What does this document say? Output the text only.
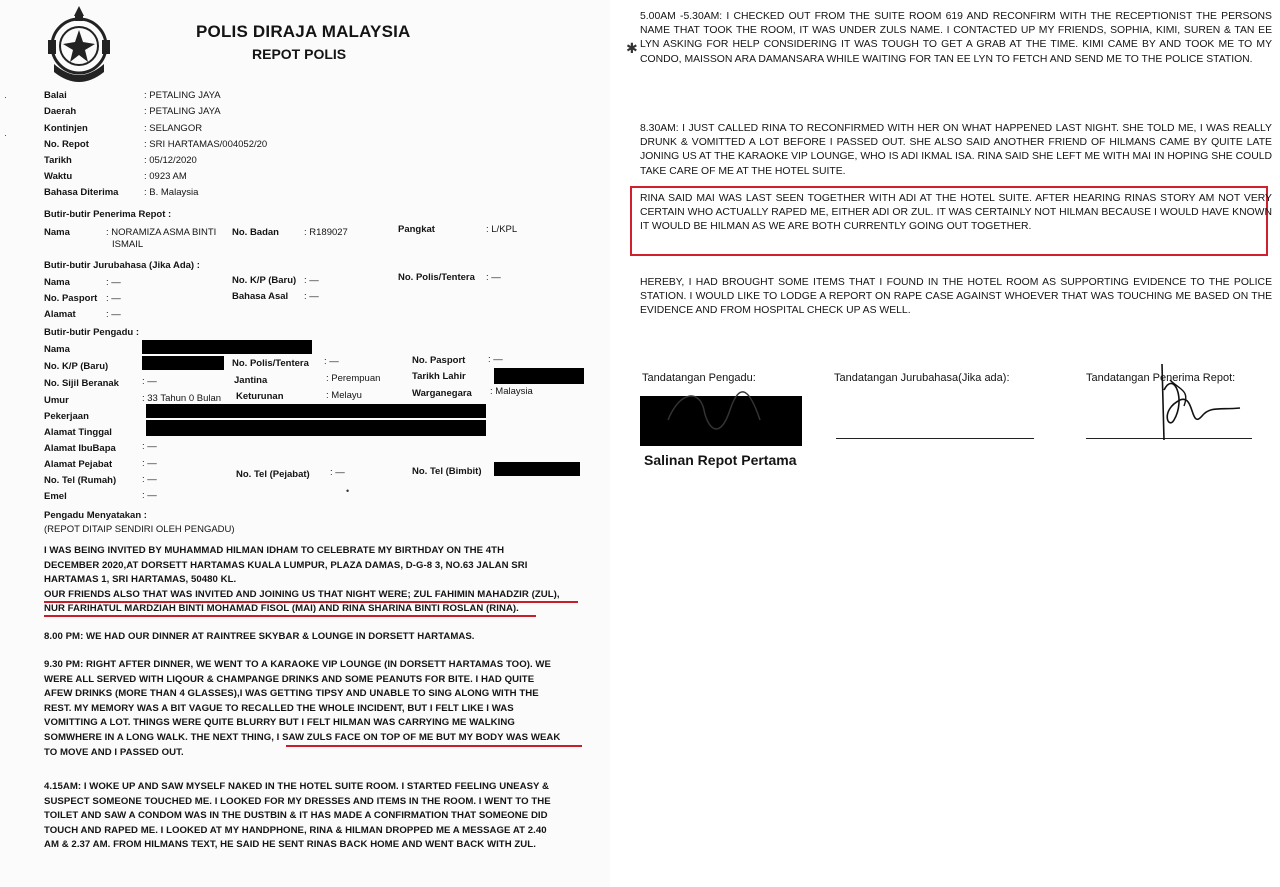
POLIS DIRAJA MALAYSIA
REPOT POLIS
·
·
Balai	: PETALING JAYA
Daerah	: PETALING JAYA
Kontinjen	: SELANGOR
No. Repot	: SRI HARTAMAS/004052/20
Tarikh	: 05/12/2020
Waktu	: 0923 AM
Bahasa Diterima	: B. Malaysia
Butir-butir Penerima Repot :
Nama	: NORAMIZA ASMA BINTI
ISMAIL
No. Badan	: R189027	Pangkat	: L/KPL
Butir-butir Jurubahasa (Jika Ada) :
Nama	: —	No. K/P (Baru) : —	No. Polis/Tentera : —
No. Pasport : —	Bahasa Asal : —
Alamat	: —
Butir-butir Pengadu :
Nama
No. K/P (Baru)	No. Polis/Tentera : —	No. Pasport : —
No. Sijil Beranak : —	Jantina	: Perempuan	Tarikh Lahir
Umur	: 33 Tahun 0 Bulan Keturunan	: Melayu	Warganegara : Malaysia
Pekerjaan
Alamat Tinggal
Alamat IbuBapa	: —
Alamat Pejabat	: —
No. Tel (Pejabat) : —	No. Tel (Bimbit)
No. Tel (Rumah)	: —
Emel	: —	•
Pengadu Menyatakan :
(REPOT DITAIP SENDIRI OLEH PENGADU)
I WAS BEING INVITED BY MUHAMMAD HILMAN IDHAM TO CELEBRATE MY BIRTHDAY ON THE 4TH
DECEMBER 2020,AT DORSETT HARTAMAS KUALA LUMPUR, PLAZA DAMAS, D-G-8 3, NO.63 JALAN SRI
HARTAMAS 1, SRI HARTAMAS, 50480 KL.
OUR FRIENDS ALSO THAT WAS INVITED AND JOINING US THAT NIGHT WERE; ZUL FAHIMIN MAHADZIR (ZUL),
NUR FARIHATUL MARDZIAH BINTI MOHAMAD FISOL (MAI) AND RINA SHARINA BINTI ROSLAN (RINA).
8.00 PM: WE HAD OUR DINNER AT RAINTREE SKYBAR & LOUNGE IN DORSETT HARTAMAS.
9.30 PM: RIGHT AFTER DINNER, WE WENT TO A KARAOKE VIP LOUNGE (IN DORSETT HARTAMAS TOO). WE
WERE ALL SERVED WITH LIQOUR & CHAMPANGE DRINKS AND SOME PEANUTS FOR BITE. I HAD QUITE
AFEW DRINKS (MORE THAN 4 GLASSES),I WAS GETTING TIPSY AND UNABLE TO SING ALONG WITH THE
REST. MY MEMORY WAS A BIT VAGUE TO RECALLED THE WHOLE INCIDENT, BUT I FELT LIKE I WAS
VOMITTING A LOT. THINGS WERE QUITE BLURRY BUT I FELT HILMAN WAS CARRYING ME WALKING
SOMWHERE IN A LONG WALK. THE NEXT THING, I SAW ZULS FACE ON TOP OF ME BUT MY BODY WAS WEAK
TO MOVE AND I PASSED OUT.
4.15AM: I WOKE UP AND SAW MYSELF NAKED IN THE HOTEL SUITE ROOM. I STARTED FEELING UNEASY &
SUSPECT SOMEONE TOUCHED ME. I LOOKED FOR MY DRESSES AND ITEMS IN THE ROOM. I WENT TO THE
TOILET AND SAW A CONDOM WAS IN THE DUSTBIN & IT HAS MADE A CONFIRMATION THAT SOMEONE DID
TOUCH AND RAPED ME. I LOOKED AT MY HANDPHONE, RINA & HILMAN DROPPED ME A MESSAGE AT 2.40
AM & 2.37 AM. FROM HILMANS TEXT, HE SAID HE SENT RINAS BACK HOME AND WENT BACK WITH ZUL.
5.00AM -5.30AM: I CHECKED OUT FROM THE SUITE ROOM 619 AND RECONFIRM WITH THE RECEPTIONIST THE PERSONS NAME THAT TOOK THE ROOM, IT WAS UNDER ZULS NAME. I CONTACTED UP MY FRIENDS, SOPHIA, KIMI, SUREN & TAN EE LYN ASKING FOR HELP CONSIDERING IT WAS TOUGH TO GET A GRAB AT THE TIME. KIMI CAME BY AND TOOK ME TO MY CONDO, MAISSON ARA DAMANSARA WHILE WAITING FOR TAN EE LYN TO FETCH AND SEND ME TO THE POLICE STATION.
✱
8.30AM: I JUST CALLED RINA TO RECONFIRMED WITH HER ON WHAT HAPPENED LAST NIGHT. SHE TOLD ME, I WAS REALLY DRUNK & VOMITTED A LOT BEFORE I PASSED OUT. SHE ALSO SAID ANOTHER FRIEND OF HILMANS CAME BY QUITE LATE JONING US AT THE KARAOKE VIP LOUNGE, WHO IS ADI IKMAL ISA. RINA SAID SHE LEFT ME WITH MAI IN HOPING SHE COULD TAKE CARE OF ME AT THE HOTEL SUITE.
RINA SAID MAI WAS LAST SEEN TOGETHER WITH ADI AT THE HOTEL SUITE. AFTER HEARING RINAS STORY AM NOT VERY CERTAIN WHO ACTUALLY RAPED ME, EITHER ADI OR ZUL. IT WAS CERTAINLY NOT HILMAN BECAUSE I WOULD HAVE KNOWN IT WOULD BE HILMAN AS WE ARE BOTH CURRENTLY GOING OUT TOGETHER.
HEREBY, I HAD BROUGHT SOME ITEMS THAT I FOUND IN THE HOTEL ROOM AS SUPPORTING EVIDENCE TO THE POLICE STATION. I WOULD LIKE TO LODGE A REPORT ON RAPE CASE AGAINST WHOEVER THAT WAS TOUCHING ME BASED ON THE EVIDENCE AND FROM HOSPITAL CHECK UP AS WELL.
Tandatangan Pengadu:	Tandatangan Jurubahasa(Jika ada):	Tandatangan Penerima Repot:
Salinan Repot Pertama
